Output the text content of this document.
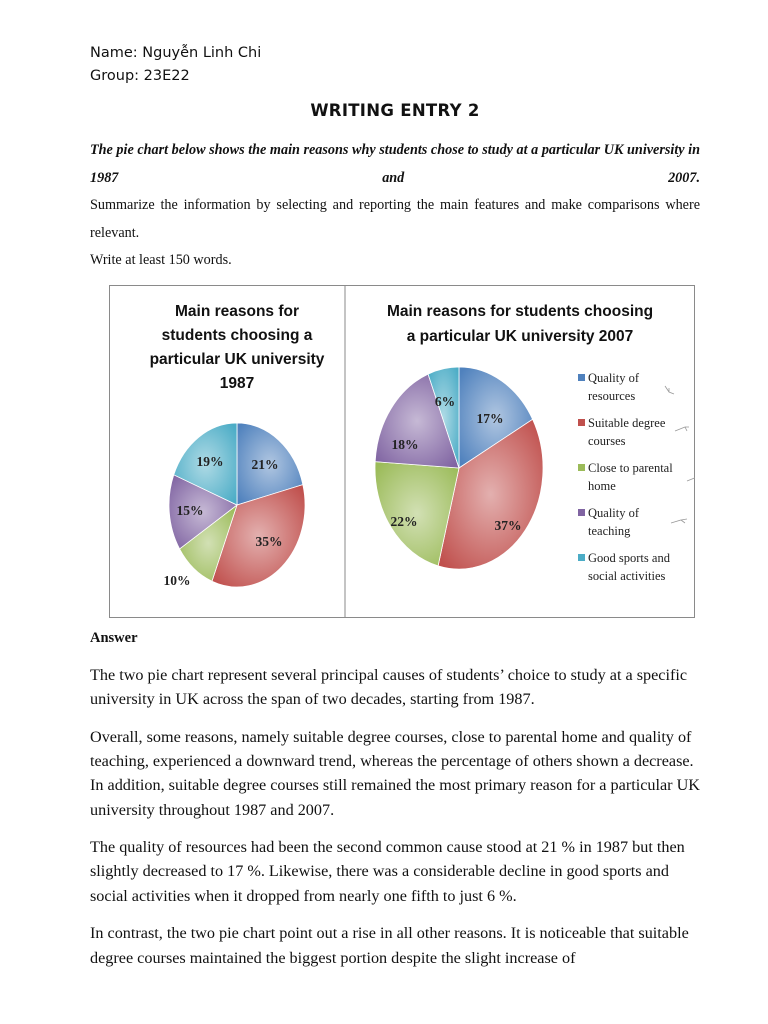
Name: Nguyễn Linh Chi
Group: 23E22
WRITING ENTRY 2

The pie chart below shows the main reasons why students chose to study at a particular UK university in 1987 and 2007.

Summarize the information by selecting and reporting the main features and make comparisons where relevant.

Write at least 150 words.

Main reasons for
students choosing a
particular UK university
1987
21%
35%
10%
15%
19%
Main reasons for students choosing
a particular UK university 2007
17%
37%
22%
18%
6%
Quality of
resources
Suitable degree
courses
Close to parental
home
Quality of
teaching
Good sports and
social activities
Answer

The two pie chart represent several principal causes of students’ choice to study at a specific university in UK across the span of two decades, starting from 1987.

Overall, some reasons, namely suitable degree courses, close to parental home and quality of teaching, experienced a downward trend, whereas the percentage of others shown a decrease. In addition, suitable degree courses still remained the most primary reason for a particular UK university throughout 1987 and 2007.

The quality of resources had been the second common cause stood at 21 % in 1987 but then slightly decreased to 17 %. Likewise, there was a considerable decline in good sports and social activities when it dropped from nearly one fifth to just 6 %.

In contrast, the two pie chart point out a rise in all other reasons. It is noticeable that suitable degree courses maintained the biggest portion despite the slight increase of
